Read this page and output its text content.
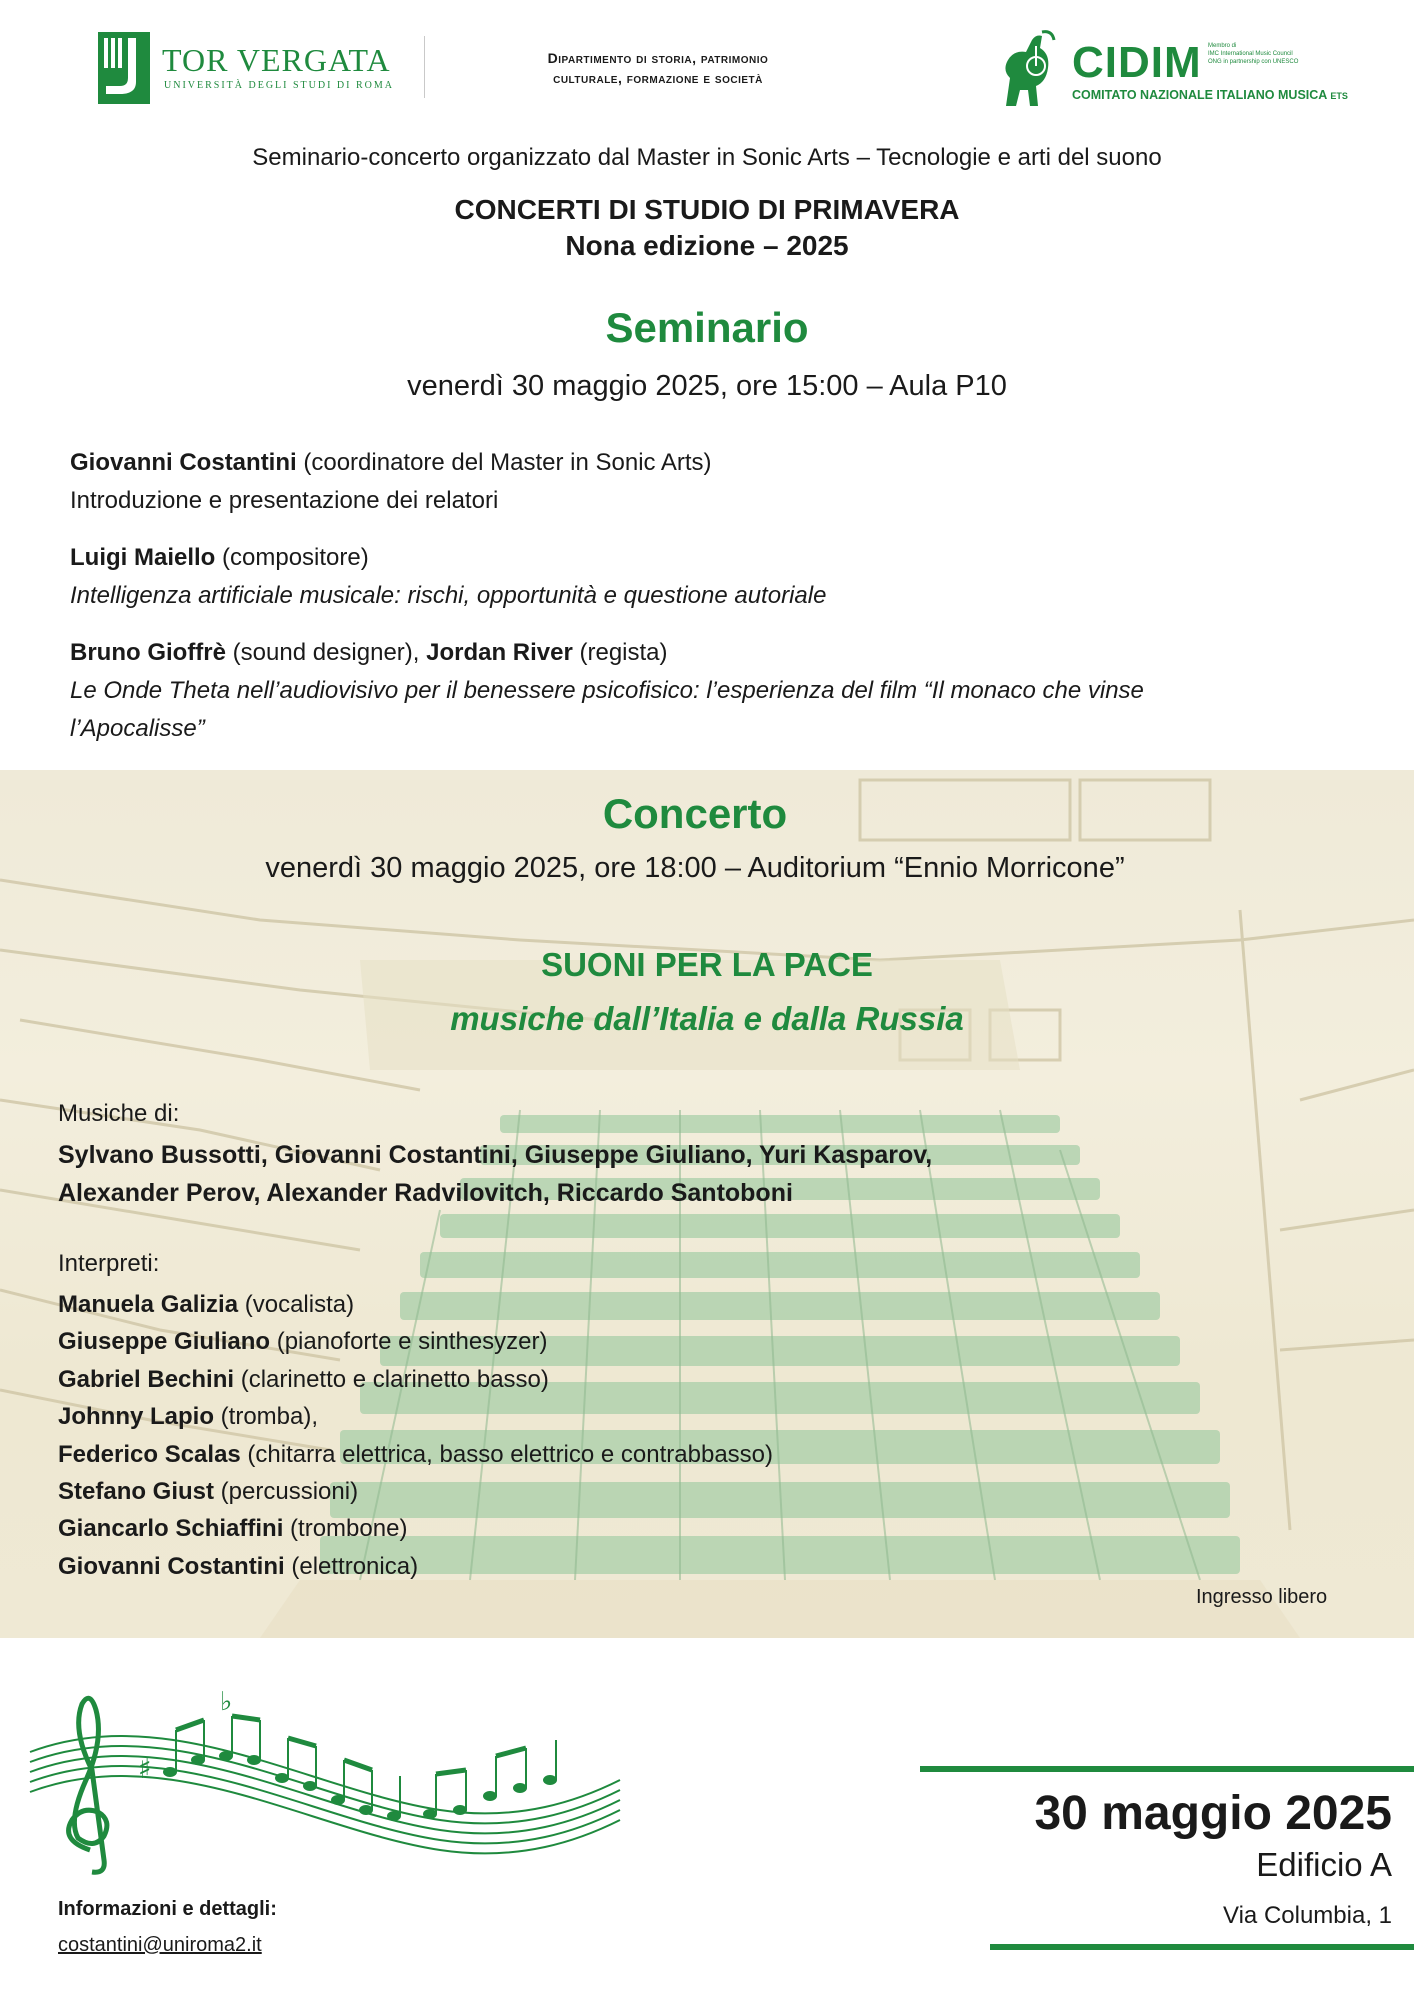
TOR VERGATA
UNIVERSITÀ DEGLI STUDI DI ROMA
Dipartimento di storia, patrimonio
culturale, formazione e società	CIDIM Membro di
IMC International Music Council
ONG in partnership con UNESCO
COMITATO NAZIONALE ITALIANO MUSICA ETS
Seminario-concerto organizzato dal Master in Sonic Arts – Tecnologie e arti del suono
CONCERTI DI STUDIO DI PRIMAVERA
Nona edizione – 2025
Seminario
venerdì 30 maggio 2025, ore 15:00 – Aula P10
Giovanni Costantini (coordinatore del Master in Sonic Arts)
Introduzione e presentazione dei relatori
Luigi Maiello (compositore)
Intelligenza artificiale musicale: rischi, opportunità e questione autoriale
Bruno Gioffrè (sound designer), Jordan River (regista)
Le Onde Theta nell’audiovisivo per il benessere psicofisico: l’esperienza del film “Il monaco che vinse
l’Apocalisse”
Concerto
venerdì 30 maggio 2025, ore 18:00 – Auditorium “Ennio Morricone”
SUONI PER LA PACE
musiche dall’Italia e dalla Russia
Musiche di:
Sylvano Bussotti, Giovanni Costantini, Giuseppe Giuliano, Yuri Kasparov,
Alexander Perov, Alexander Radvilovitch, Riccardo Santoboni
Interpreti:
Manuela Galizia (vocalista)
Giuseppe Giuliano (pianoforte e sinthesyzer)
Gabriel Bechini (clarinetto e clarinetto basso)
Johnny Lapio (tromba),
Federico Scalas (chitarra elettrica, basso elettrico e contrabbasso)
Stefano Giust (percussioni)
Giancarlo Schiaffini (trombone)
Giovanni Costantini (elettronica)
Ingresso libero
♯
♭
30 maggio 2025
Edificio A
Via Columbia, 1
Informazioni e dettagli:
costantini@uniroma2.it
